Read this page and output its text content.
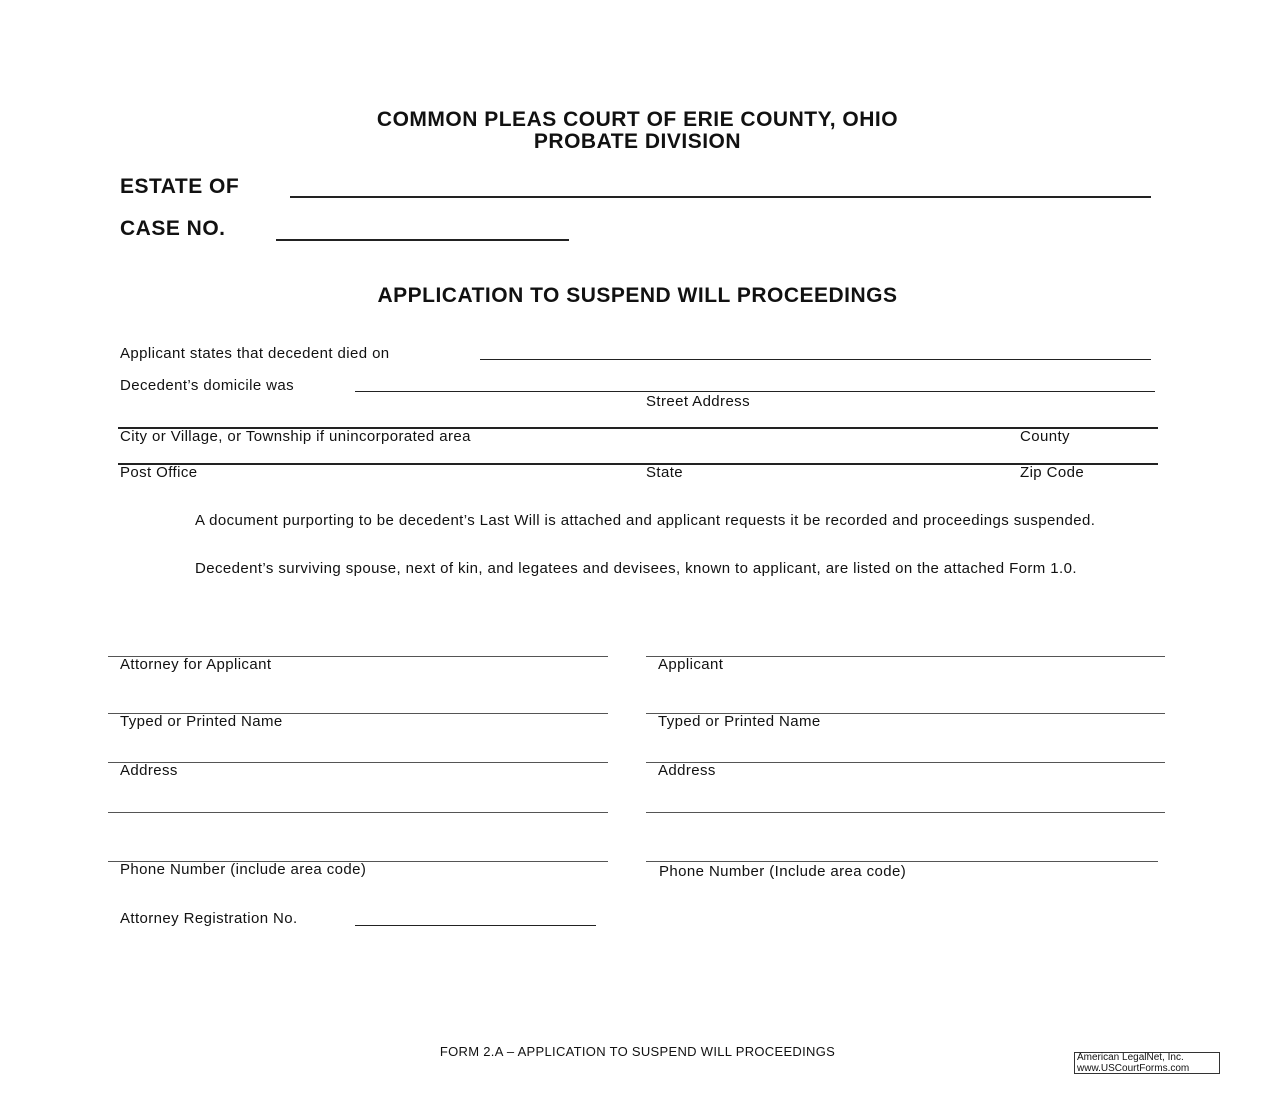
COMMON PLEAS COURT OF ERIE COUNTY, OHIO
PROBATE DIVISION
ESTATE OF
CASE NO.
APPLICATION TO SUSPEND WILL PROCEEDINGS
Applicant states that decedent died on
Decedent’s domicile was
Street Address
City or Village, or Township if unincorporated area	County
Post Office	State	Zip Code
A document purporting to be decedent’s Last Will is attached and applicant requests it be recorded and proceedings suspended.
Decedent’s surviving spouse, next of kin, and legatees and devisees, known to applicant, are listed on the attached Form 1.0.
Attorney for Applicant
Typed or Printed Name
Address
Phone Number (include area code)
Attorney Registration No.
Applicant
Typed or Printed Name
Address
Phone Number (Include area code)
FORM 2.A – APPLICATION TO SUSPEND WILL PROCEEDINGS	American LegalNet, Inc.
www.USCourtForms.com
